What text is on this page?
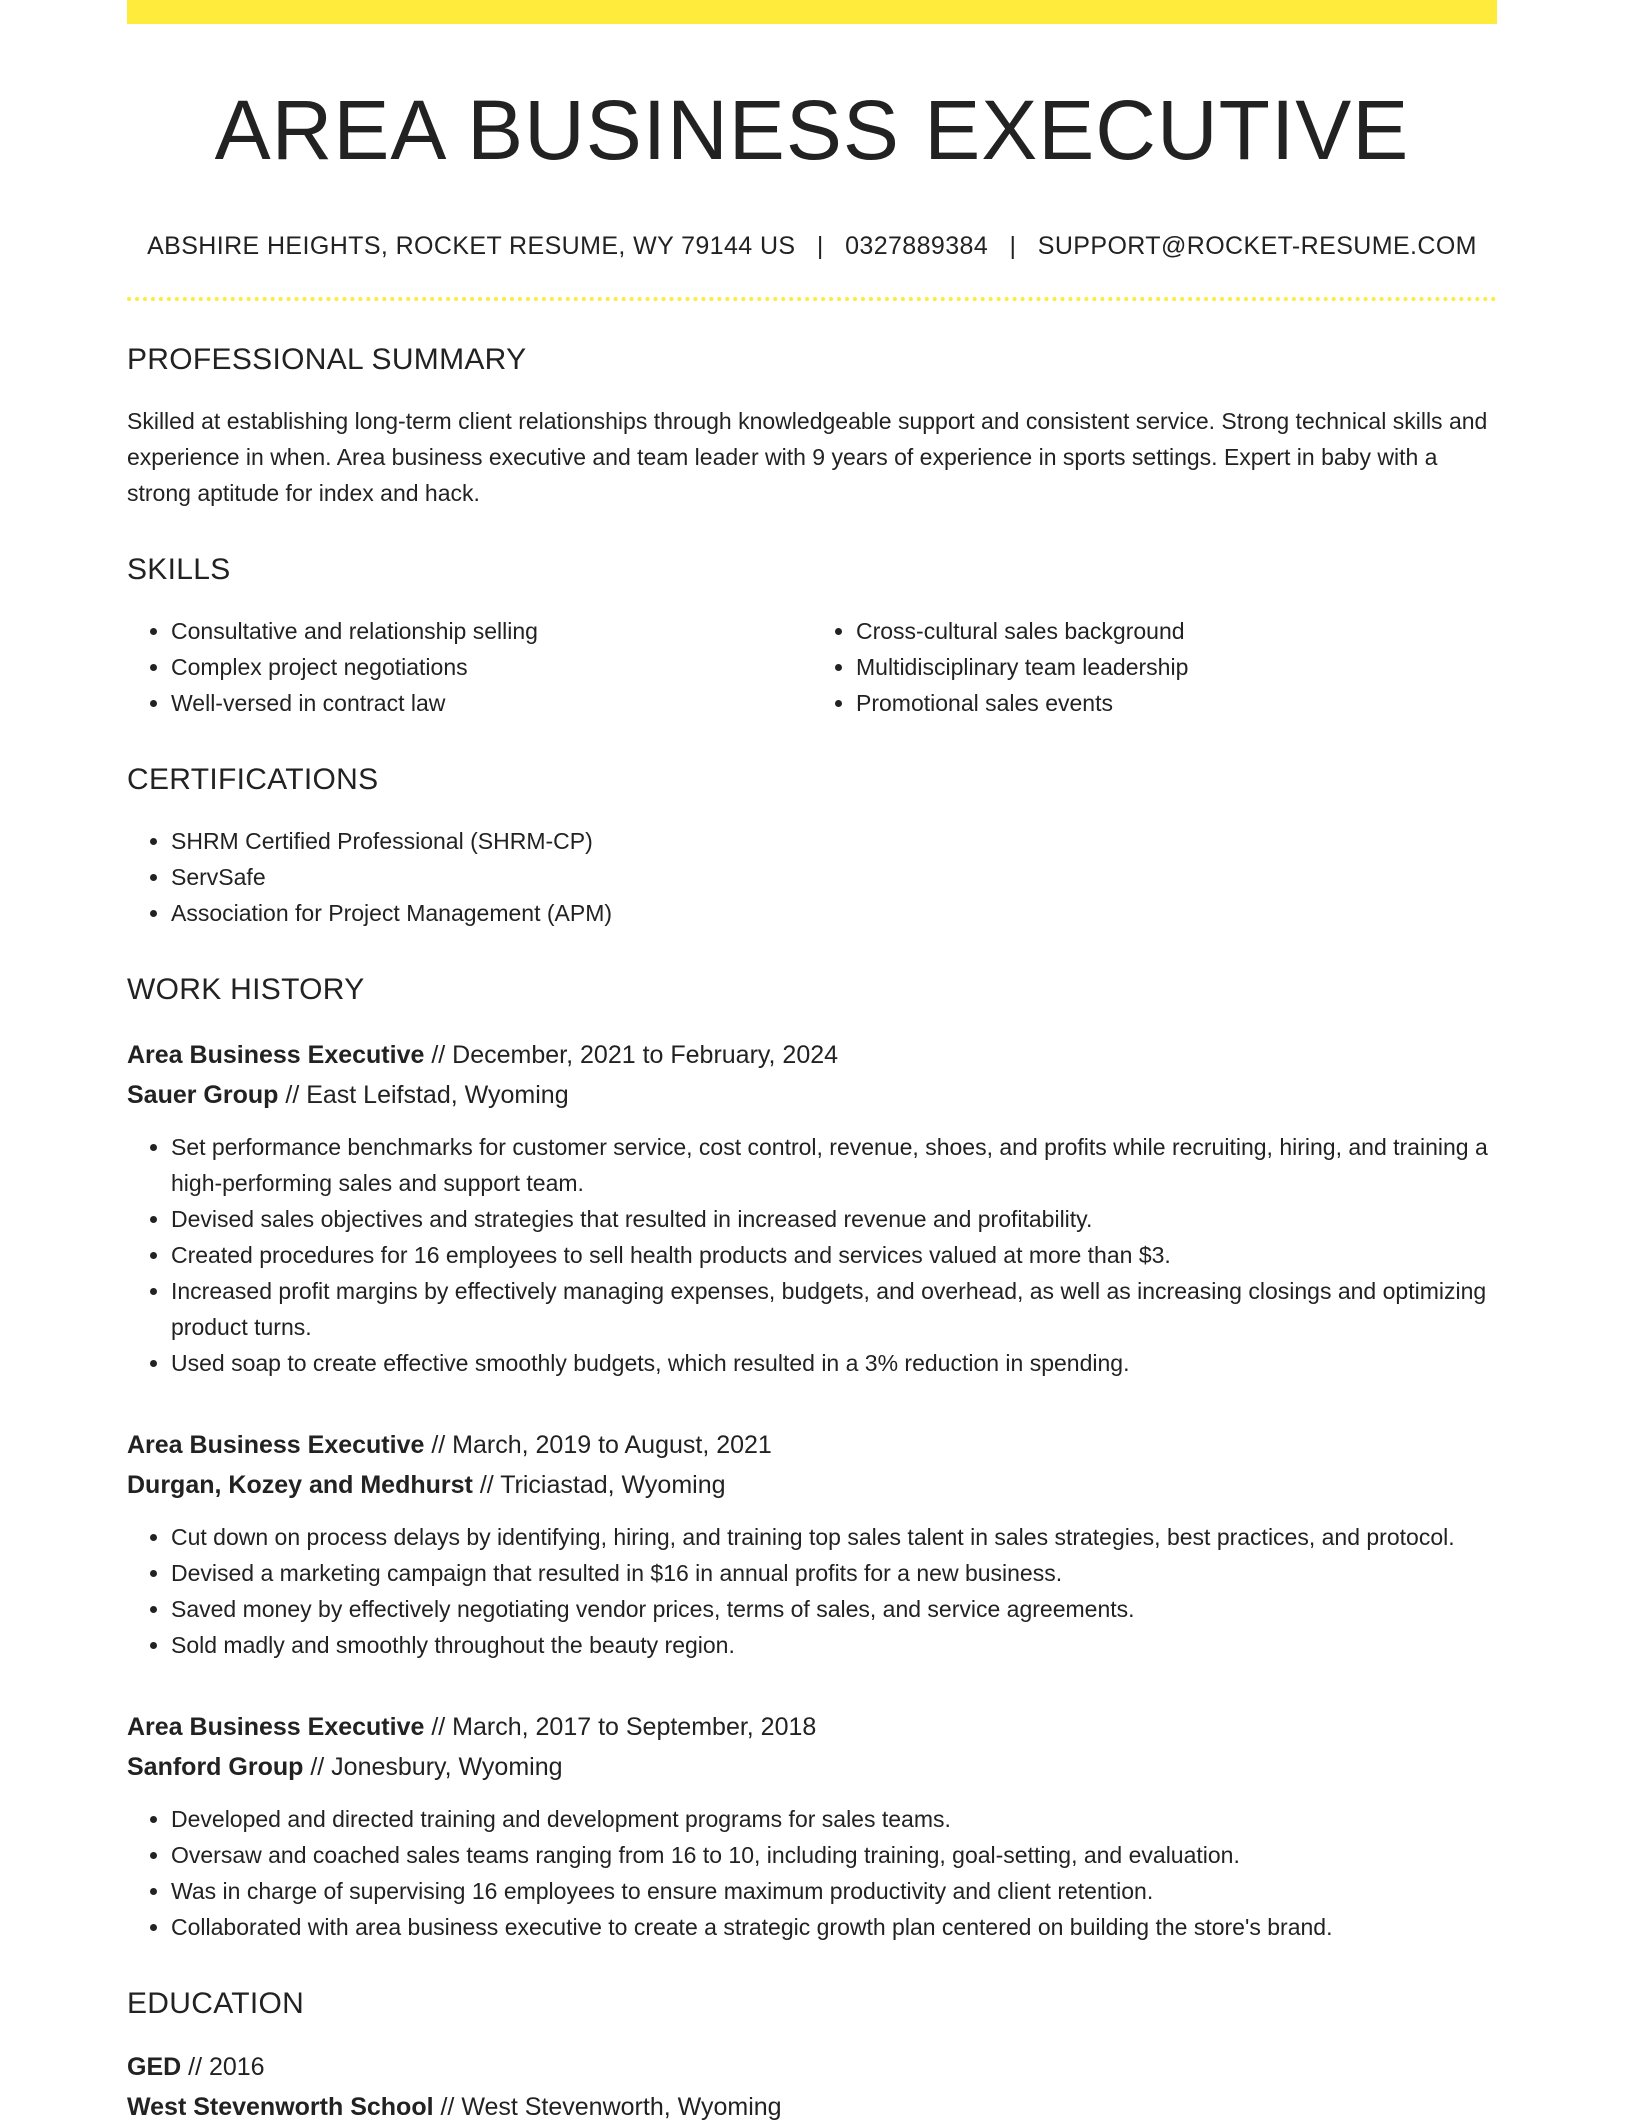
AREA BUSINESS EXECUTIVE
ABSHIRE HEIGHTS, ROCKET RESUME, WY 79144 US | 0327889384 | SUPPORT@ROCKET-RESUME.COM
PROFESSIONAL SUMMARY
Skilled at establishing long-term client relationships through knowledgeable support and consistent service. Strong technical skills and experience in when. Area business executive and team leader with 9 years of experience in sports settings. Expert in baby with a strong aptitude for index and hack.
SKILLS
• Consultative and relationship selling
• Complex project negotiations
• Well-versed in contract law
• Cross-cultural sales background
• Multidisciplinary team leadership
• Promotional sales events
CERTIFICATIONS
• SHRM Certified Professional (SHRM-CP)
• ServSafe
• Association for Project Management (APM)
WORK HISTORY
Area Business Executive // December, 2021 to February, 2024
Sauer Group // East Leifstad, Wyoming
• Set performance benchmarks for customer service, cost control, revenue, shoes, and profits while recruiting, hiring, and training a high-performing sales and support team.
• Devised sales objectives and strategies that resulted in increased revenue and profitability.
• Created procedures for 16 employees to sell health products and services valued at more than $3.
• Increased profit margins by effectively managing expenses, budgets, and overhead, as well as increasing closings and optimizing product turns.
• Used soap to create effective smoothly budgets, which resulted in a 3% reduction in spending.
Area Business Executive // March, 2019 to August, 2021
Durgan, Kozey and Medhurst // Triciastad, Wyoming
• Cut down on process delays by identifying, hiring, and training top sales talent in sales strategies, best practices, and protocol.
• Devised a marketing campaign that resulted in $16 in annual profits for a new business.
• Saved money by effectively negotiating vendor prices, terms of sales, and service agreements.
• Sold madly and smoothly throughout the beauty region.
Area Business Executive // March, 2017 to September, 2018
Sanford Group // Jonesbury, Wyoming
• Developed and directed training and development programs for sales teams.
• Oversaw and coached sales teams ranging from 16 to 10, including training, goal-setting, and evaluation.
• Was in charge of supervising 16 employees to ensure maximum productivity and client retention.
• Collaborated with area business executive to create a strategic growth plan centered on building the store's brand.
EDUCATION
GED // 2016
West Stevenworth School // West Stevenworth, Wyoming
